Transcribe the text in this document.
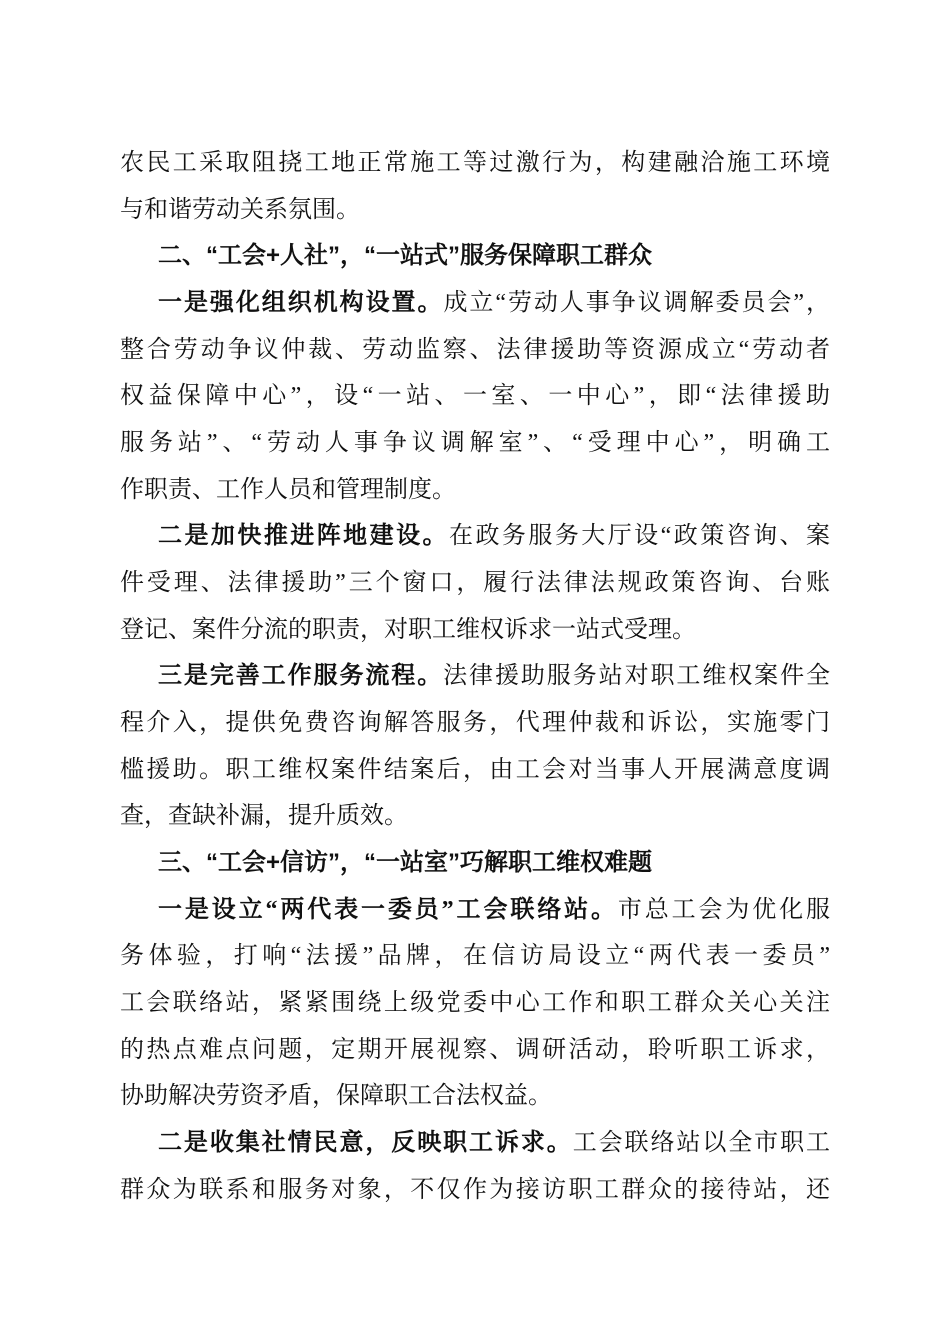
农民工采取阻挠工地正常施工等过激行为，构建融洽施工环境
与和谐劳动关系氛围。
二、“工会+人社”，“一站式”服务保障职工群众
一是强化组织机构设置。成立“劳动人事争议调解委员会”，
整合劳动争议仲裁、劳动监察、法律援助等资源成立“劳动者
权益保障中心”，设“一站、一室、一中心”，即“法律援助
服务站”、“劳动人事争议调解室”、“受理中心”，明确工
作职责、工作人员和管理制度。
二是加快推进阵地建设。在政务服务大厅设“政策咨询、案
件受理、法律援助”三个窗口，履行法律法规政策咨询、台账
登记、案件分流的职责，对职工维权诉求一站式受理。
三是完善工作服务流程。法律援助服务站对职工维权案件全
程介入，提供免费咨询解答服务，代理仲裁和诉讼，实施零门
槛援助。职工维权案件结案后，由工会对当事人开展满意度调
查，查缺补漏，提升质效。
三、“工会+信访”，“一站室”巧解职工维权难题
一是设立“两代表一委员”工会联络站。市总工会为优化服
务体验，打响“法援”品牌，在信访局设立“两代表一委员”
工会联络站，紧紧围绕上级党委中心工作和职工群众关心关注
的热点难点问题，定期开展视察、调研活动，聆听职工诉求，
协助解决劳资矛盾，保障职工合法权益。
二是收集社情民意，反映职工诉求。工会联络站以全市职工
群众为联系和服务对象，不仅作为接访职工群众的接待站，还
